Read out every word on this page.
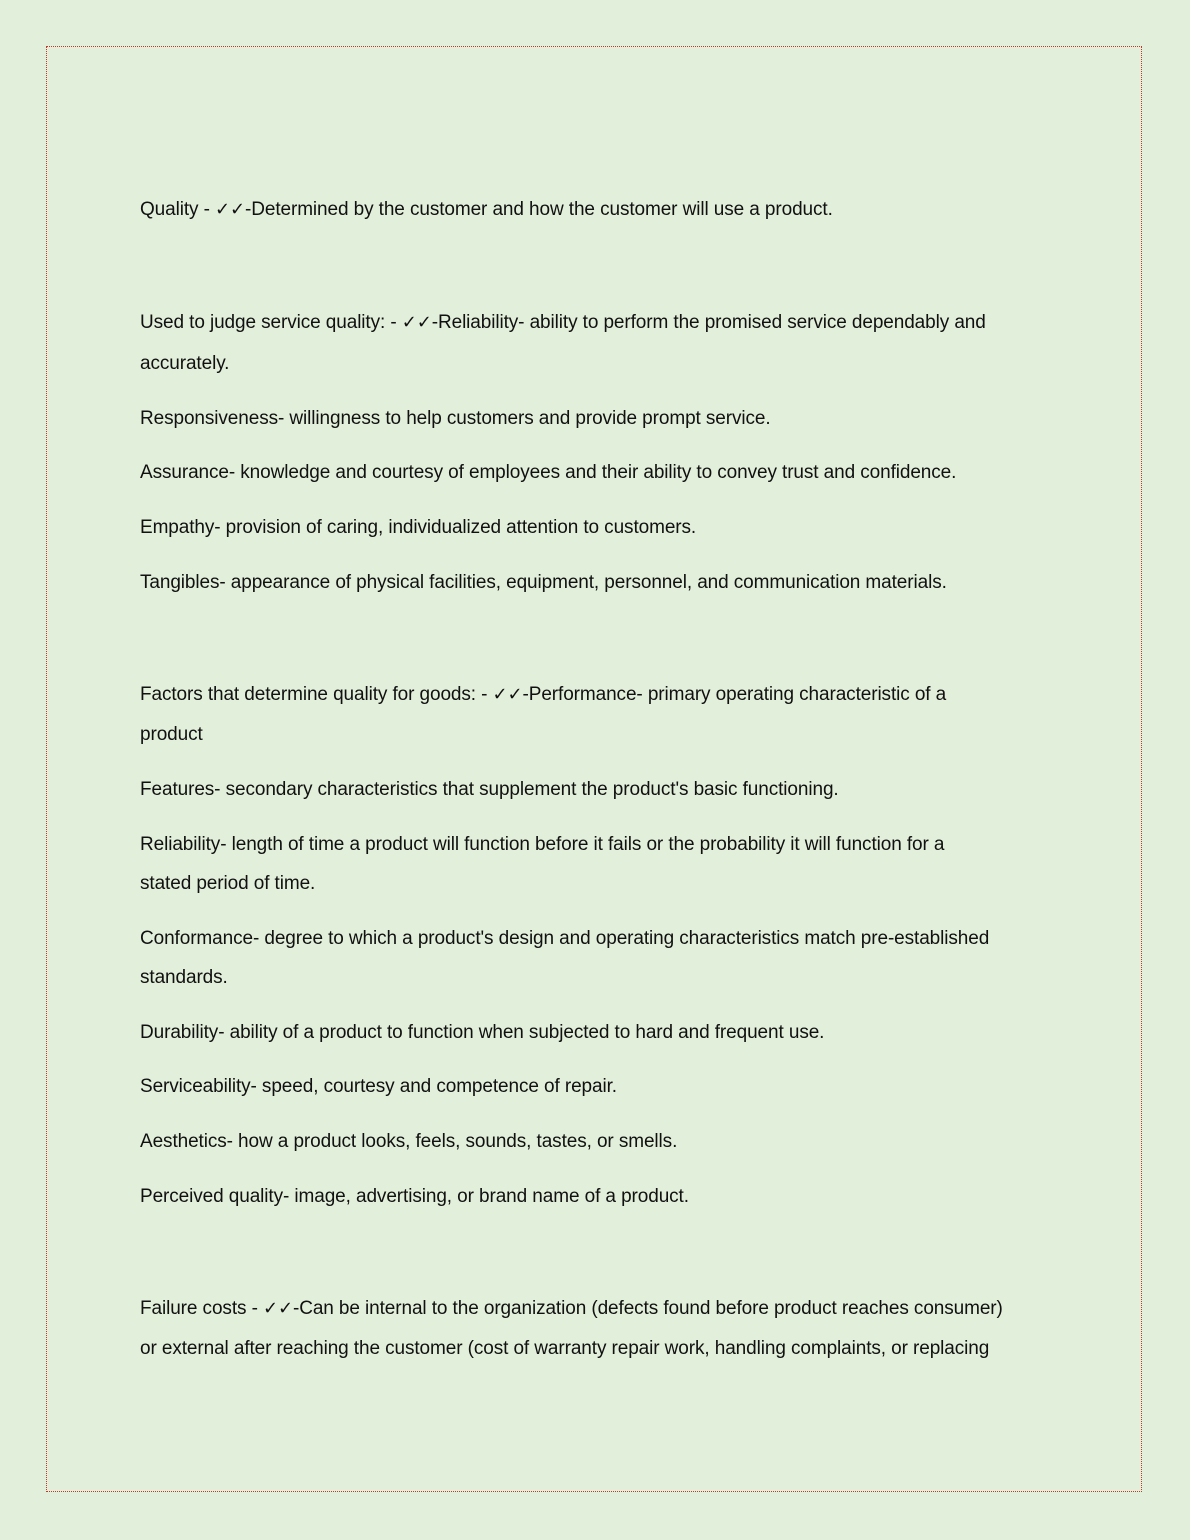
Quality - ✓✓-Determined by the customer and how the customer will use a product.
Used to judge service quality: - ✓✓-Reliability- ability to perform the promised service dependably and
accurately.
Responsiveness- willingness to help customers and provide prompt service.
Assurance- knowledge and courtesy of employees and their ability to convey trust and confidence.
Empathy- provision of caring, individualized attention to customers.
Tangibles- appearance of physical facilities, equipment, personnel, and communication materials.
Factors that determine quality for goods: - ✓✓-Performance- primary operating characteristic of a
product
Features- secondary characteristics that supplement the product's basic functioning.
Reliability- length of time a product will function before it fails or the probability it will function for a
stated period of time.
Conformance- degree to which a product's design and operating characteristics match pre-established
standards.
Durability- ability of a product to function when subjected to hard and frequent use.
Serviceability- speed, courtesy and competence of repair.
Aesthetics- how a product looks, feels, sounds, tastes, or smells.
Perceived quality- image, advertising, or brand name of a product.
Failure costs - ✓✓-Can be internal to the organization (defects found before product reaches consumer)
or external after reaching the customer (cost of warranty repair work, handling complaints, or replacing
